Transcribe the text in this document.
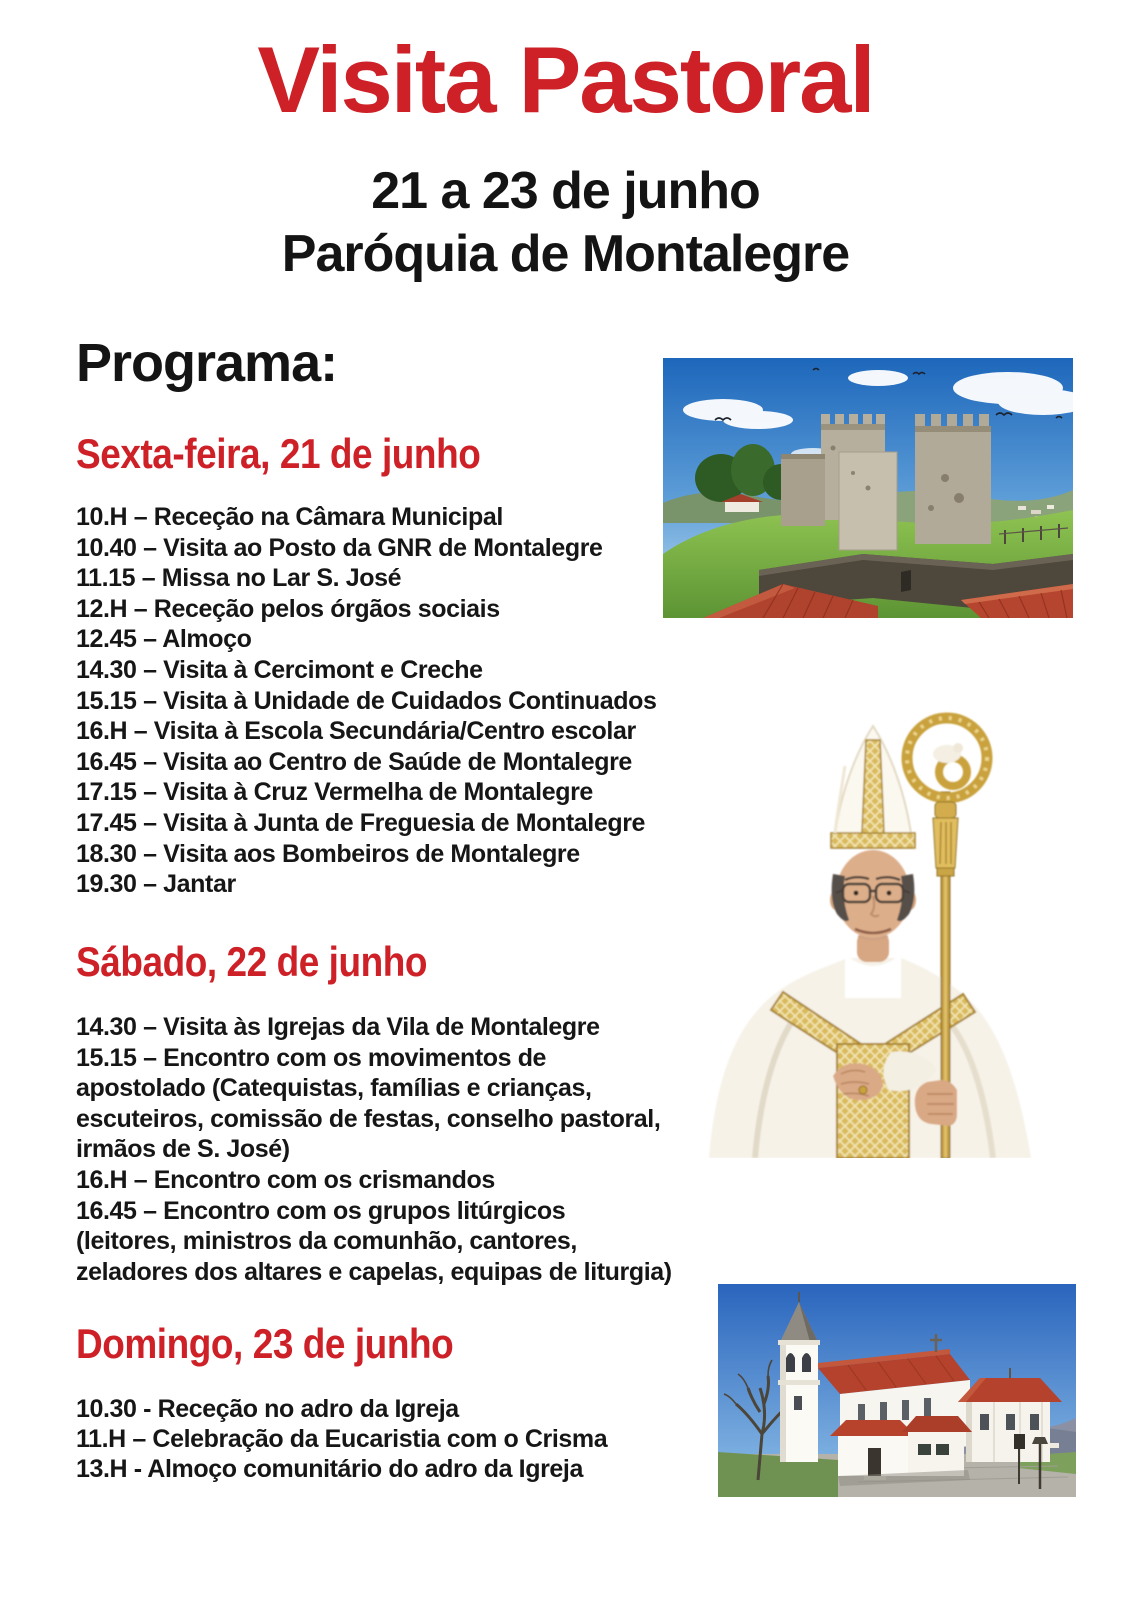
Visita Pastoral
21 a 23 de junho
Paróquia de Montalegre
Programa:
Sexta-feira, 21 de junho
10.H – Receção na Câmara Municipal
10.40 – Visita ao Posto da GNR de Montalegre
11.15 – Missa no Lar S. José
12.H – Receção pelos órgãos sociais
12.45 – Almoço
14.30 – Visita à Cercimont e Creche
15.15 – Visita à Unidade de Cuidados Continuados
16.H – Visita à Escola Secundária/Centro escolar
16.45 – Visita ao Centro de Saúde de Montalegre
17.15 – Visita à Cruz Vermelha de Montalegre
17.45 – Visita à Junta de Freguesia de Montalegre
18.30 – Visita aos Bombeiros de Montalegre
19.30 – Jantar
Sábado, 22 de junho
14.30 – Visita às Igrejas da Vila de Montalegre
15.15 – Encontro com os movimentos de
apostolado (Catequistas, famílias e crianças,
escuteiros, comissão de festas, conselho pastoral,
irmãos de S. José)
16.H – Encontro com os crismandos
16.45 – Encontro com os grupos litúrgicos
(leitores, ministros da comunhão, cantores,
zeladores dos altares e capelas, equipas de liturgia)
Domingo, 23 de junho
10.30 - Receção no adro da Igreja
11.H – Celebração da Eucaristia com o Crisma
13.H - Almoço comunitário do adro da Igreja
